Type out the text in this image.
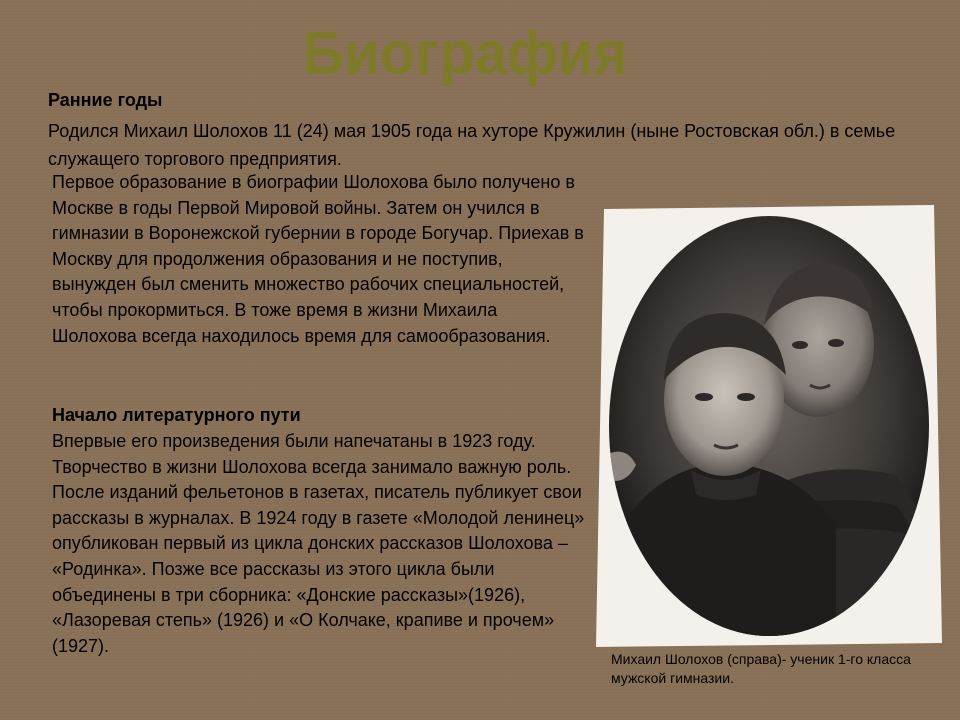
Биография
Ранние годы
Родился Михаил Шолохов 11 (24) мая 1905 года на хуторе Кружилин (ныне Ростовская обл.) в семье служащего торгового предприятия.
Первое образование в биографии Шолохова было получено в Москве в годы Первой Мировой войны. Затем он учился в гимназии в Воронежской губернии в городе Богучар. Приехав в Москву для продолжения образования и не поступив, вынужден был сменить множество рабочих специальностей, чтобы прокормиться. В тоже время в жизни Михаила Шолохова всегда находилось время для самообразования.
Начало литературного пути
Впервые его произведения были напечатаны в 1923 году. Творчество в жизни Шолохова всегда занимало важную роль. После изданий фельетонов в газетах, писатель публикует свои рассказы в журналах. В 1924 году в газете «Молодой ленинец» опубликован первый из цикла донских рассказов Шолохова – «Родинка». Позже все рассказы из этого цикла были объединены в три сборника: «Донские рассказы»(1926), «Лазоревая степь» (1926) и «О Колчаке, крапиве и прочем» (1927).
Михаил Шолохов (справа)- ученик 1-го класса мужской гимназии.
